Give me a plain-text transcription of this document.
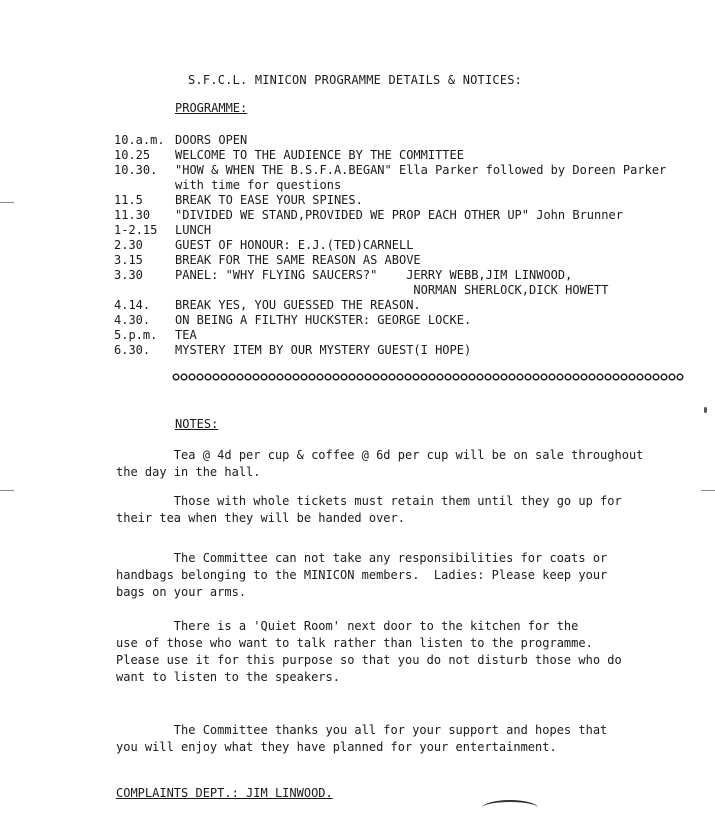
S.F.C.L. MINICON PROGRAMME DETAILS & NOTICES:
PROGRAMME:
10.a.m. DOORS OPEN
10.25	WELCOME TO THE AUDIENCE BY THE COMMITTEE
10.30.	"HOW & WHEN THE B.S.F.A.BEGAN" Ella Parker followed by Doreen Parker
with time for questions
11.5	BREAK TO EASE YOUR SPINES.
11.30	"DIVIDED WE STAND,PROVIDED WE PROP EACH OTHER UP" John Brunner
1-2.15	LUNCH
2.30	GUEST OF HONOUR: E.J.(TED)CARNELL
3.15	BREAK FOR THE SAME REASON AS ABOVE
3.30	PANEL: "WHY FLYING SAUCERS?"    JERRY WEBB,JIM LINWOOD,
NORMAN SHERLOCK,DICK HOWETT
4.14.	BREAK YES, YOU GUESSED THE REASON.
4.30.	ON BEING A FILTHY HUCKSTER: GEORGE LOCKE.
5.p.m.	TEA
6.30.	MYSTERY ITEM BY OUR MYSTERY GUEST(I HOPE)
NOTES:
Tea @ 4d per cup & coffee @ 6d per cup will be on sale throughout
the day in the hall.
Those with whole tickets must retain them until they go up for
their tea when they will be handed over.
The Committee can not take any responsibilities for coats or
handbags belonging to the MINICON members.  Ladies: Please keep your
bags on your arms.
There is a 'Quiet Room' next door to the kitchen for the
use of those who want to talk rather than listen to the programme.
Please use it for this purpose so that you do not disturb those who do
want to listen to the speakers.
The Committee thanks you all for your support and hopes that
you will enjoy what they have planned for your entertainment.
COMPLAINTS DEPT.: JIM LINWOOD.
